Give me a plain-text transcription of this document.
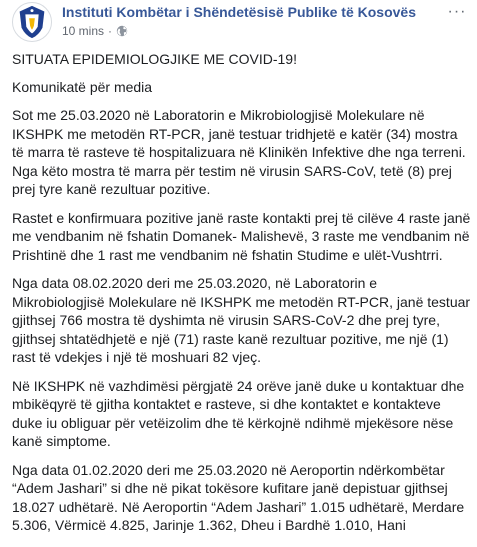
Instituti Kombëtar i Shëndetësisë Publike të Kosovës
10 mins ·
···

SITUATA EPIDEMIOLOGJIKE ME COVID-19!

Komunikatë për media

Sot me 25.03.2020 në Laboratorin e Mikrobiologjisë Molekulare në IKSHPK me metodën RT-PCR, janë testuar tridhjetë e katër (34) mostra të marra të rasteve të hospitalizuara në Klinikën Infektive dhe nga terreni. Nga këto mostra të marra për testim në virusin SARS-CoV, tetë (8) prej prej tyre kanë rezultuar pozitive.

Rastet e konfirmuara pozitive janë raste kontakti prej të cilëve 4 raste janë me vendbanim në fshatin Domanek- Malishevë, 3 raste me vendbanim në Prishtinë dhe 1 rast me vendbanim në fshatin Studime e ulët-Vushtrri.

Nga data 08.02.2020 deri me 25.03.2020, në Laboratorin e Mikrobiologjisë Molekulare në IKSHPK me metodën RT-PCR, janë testuar gjithsej 766 mostra të dyshimta në virusin SARS-CoV-2 dhe prej tyre, gjithsej shtatëdhjetë e një (71) raste kanë rezultuar pozitive, me një (1) rast të vdekjes i një të moshuari 82 vjeç.

Në IKSHPK në vazhdimësi përgjatë 24 orëve janë duke u kontaktuar dhe mbikëqyrë të gjitha kontaktet e rasteve, si dhe kontaktet e kontakteve duke iu obliguar për vetëizolim dhe të kërkojnë ndihmë mjekësore nëse kanë simptome.

Nga data 01.02.2020 deri me 25.03.2020 në Aeroportin ndërkombëtar “Adem Jashari” si dhe në pikat tokësore kufitare janë depistuar gjithsej 18.027 udhëtarë. Në Aeroportin “Adem Jashari” 1.015 udhëtarë, Merdare 5.306, Vërmicë 4.825, Jarinje 1.362, Dheu i Bardhë 1.010, Hani
